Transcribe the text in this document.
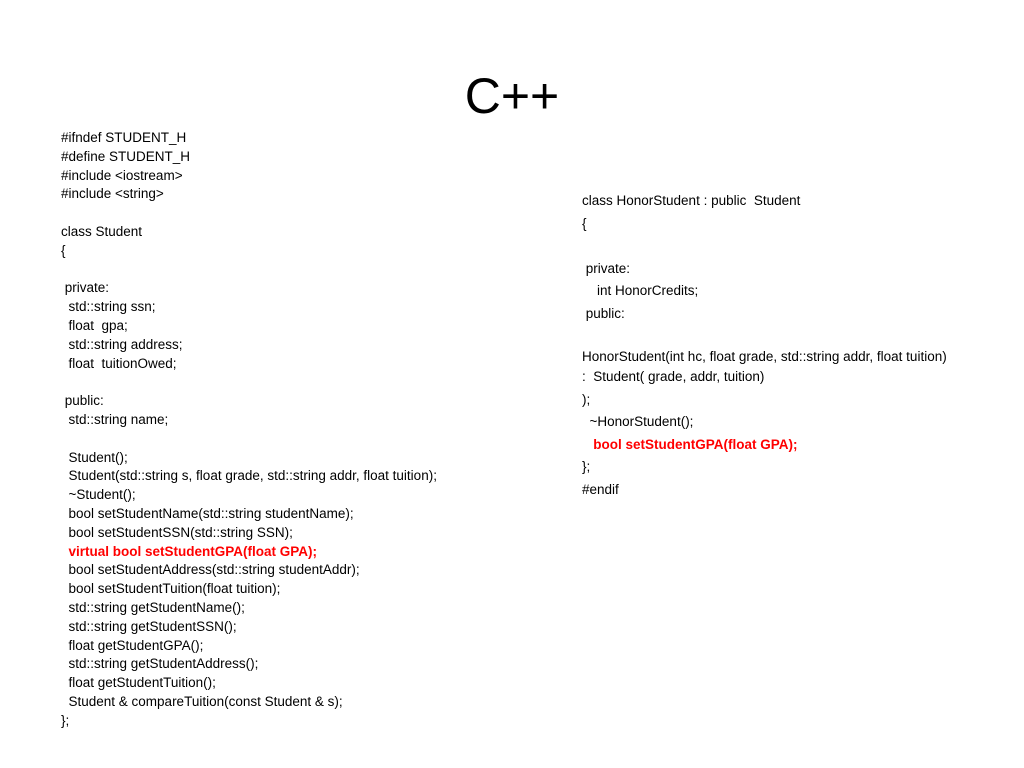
C++
#ifndef STUDENT_H
#define STUDENT_H
#include <iostream>
#include <string>
class Student
{
private:
std::string ssn;
float  gpa;
std::string address;
float  tuitionOwed;
public:
std::string name;
Student();
Student(std::string s, float grade, std::string addr, float tuition);
~Student();
bool setStudentName(std::string studentName);
bool setStudentSSN(std::string SSN);
virtual bool setStudentGPA(float GPA);
bool setStudentAddress(std::string studentAddr);
bool setStudentTuition(float tuition);
std::string getStudentName();
std::string getStudentSSN();
float getStudentGPA();
std::string getStudentAddress();
float getStudentTuition();
Student & compareTuition(const Student & s);
};
class HonorStudent : public  Student
{
private:
int HonorCredits;
public:
HonorStudent(int hc, float grade, std::string addr, float tuition)
:  Student( grade, addr, tuition)
);
~HonorStudent();
bool setStudentGPA(float GPA);
};
#endif
